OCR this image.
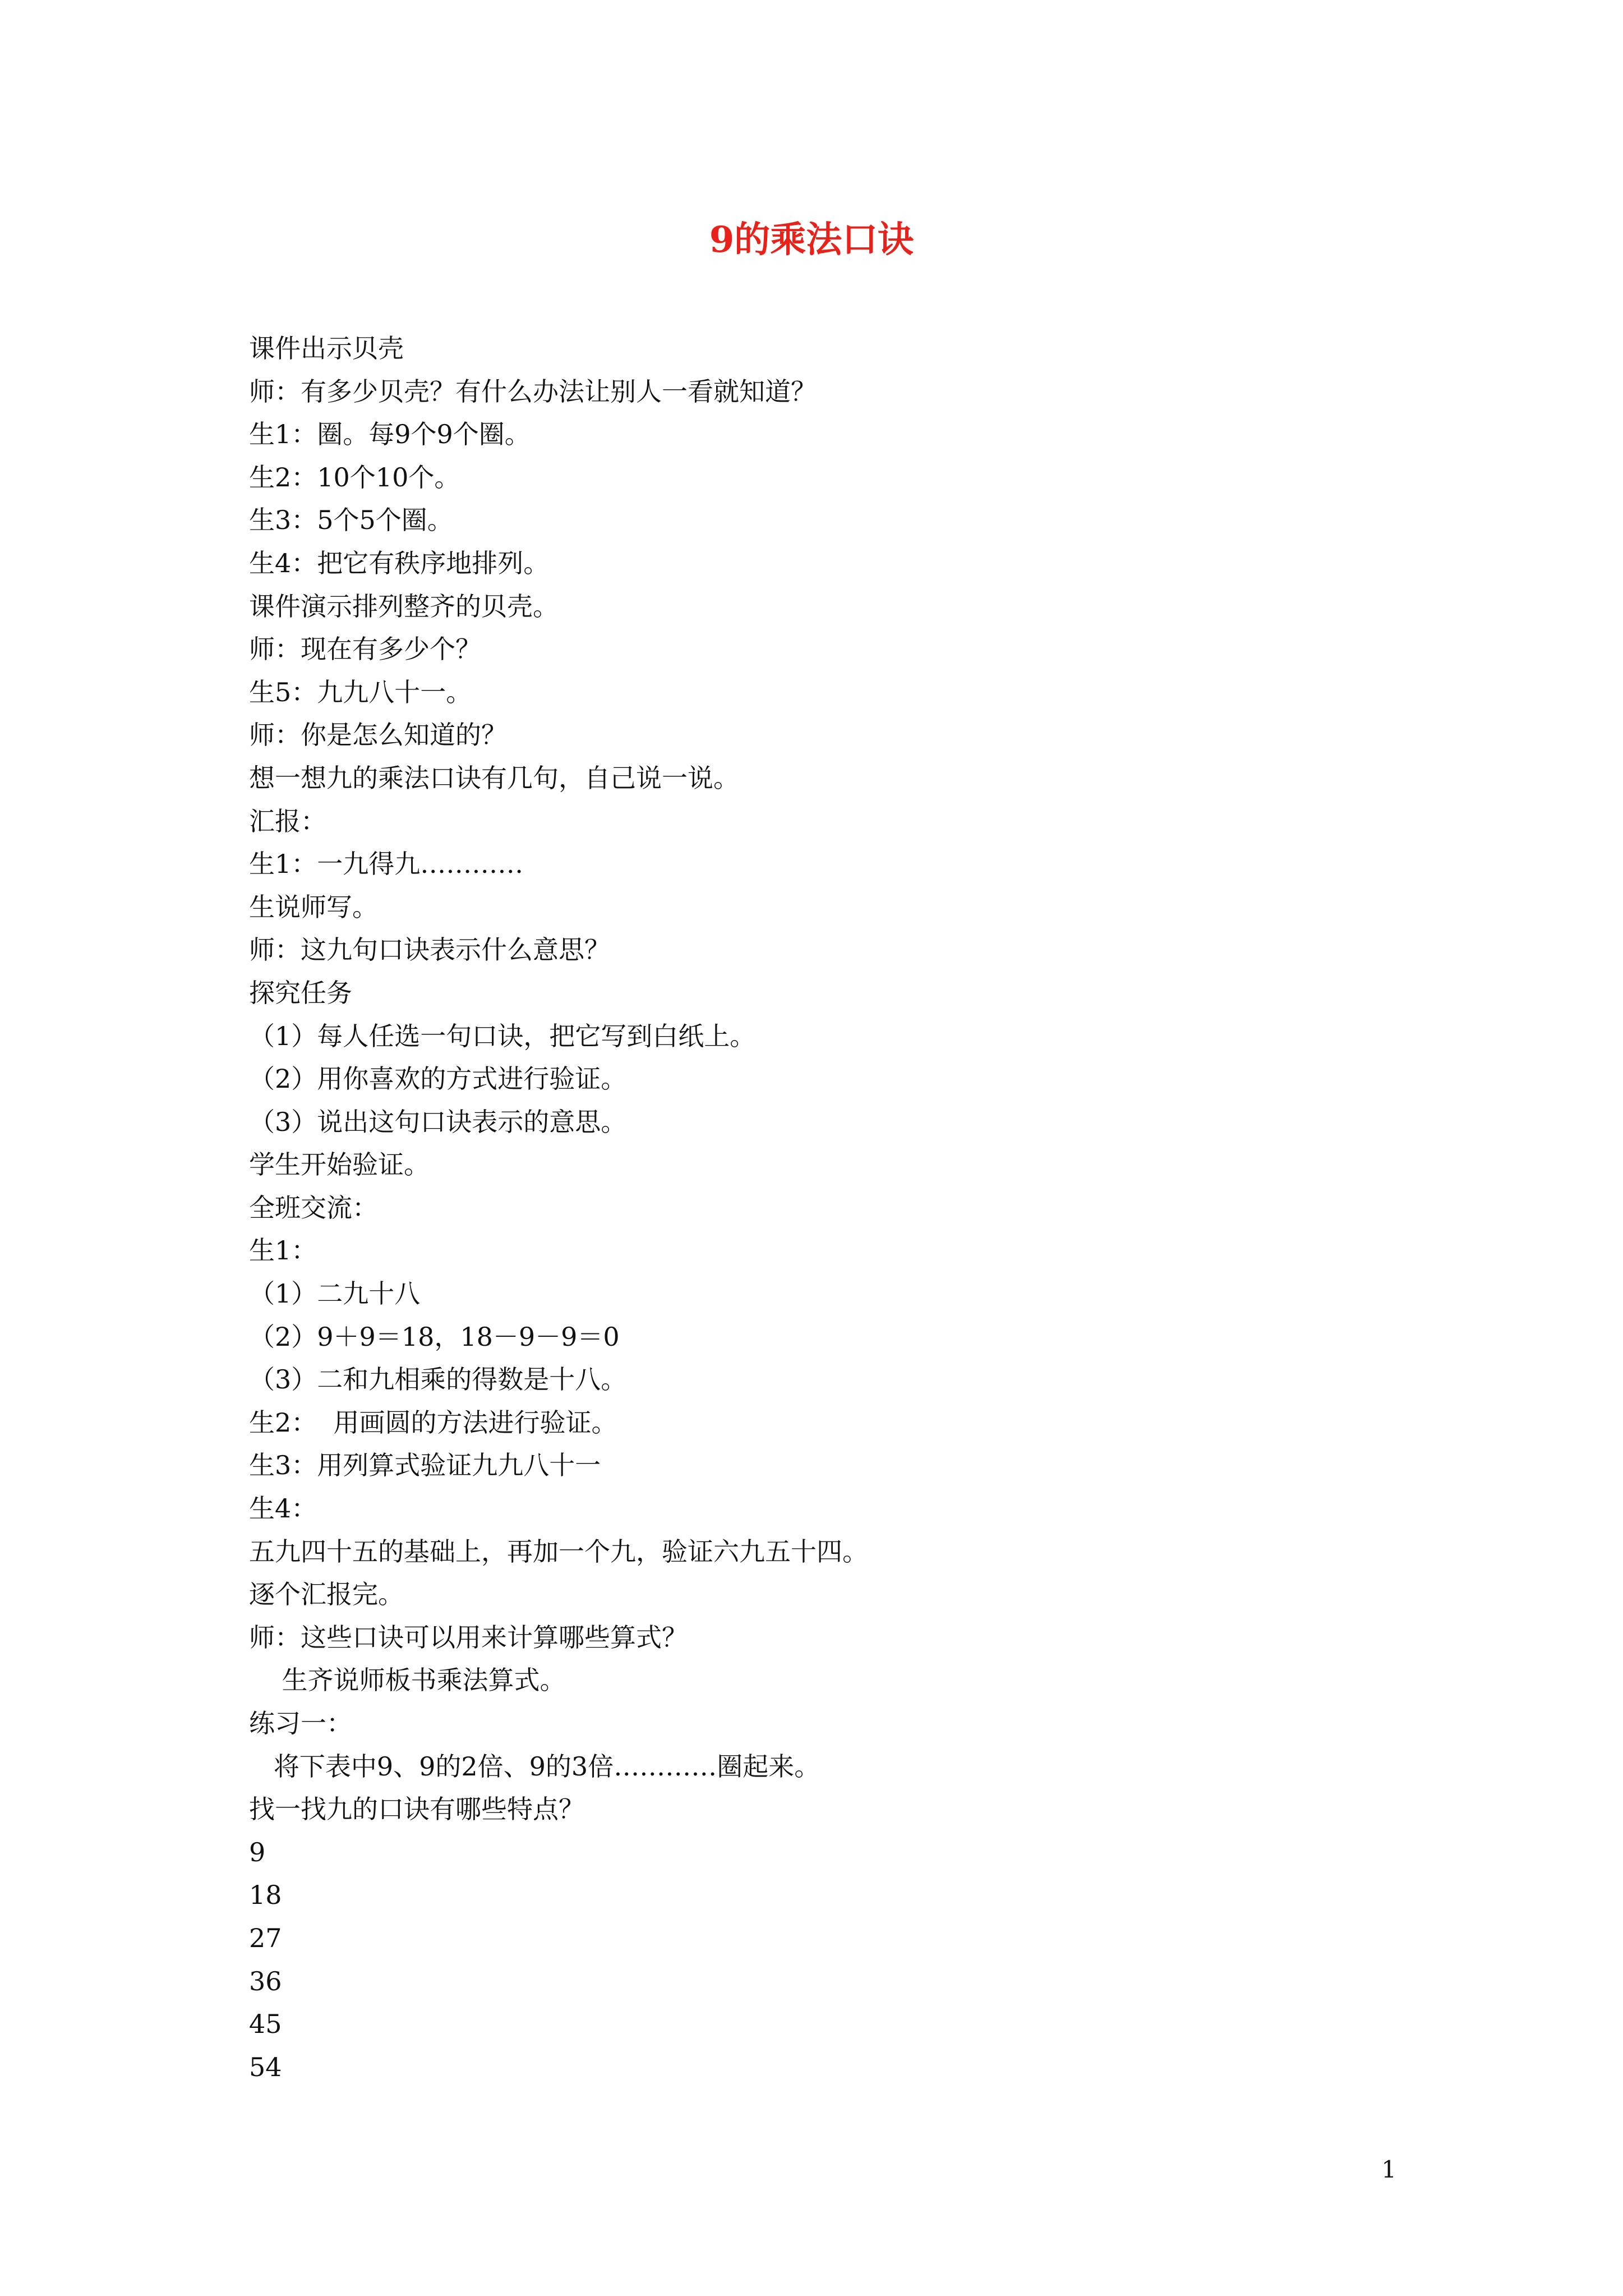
9的乘法口诀
课件出示贝壳
师：有多少贝壳？有什么办法让别人一看就知道？
生1：圈。每9个9个圈。
生2：10个10个。
生3：5个5个圈。
生4：把它有秩序地排列。
课件演示排列整齐的贝壳。
师：现在有多少个？
生5：九九八十一。
师：你是怎么知道的？
想一想九的乘法口诀有几句，自己说一说。
汇报：
生1：一九得九…………
生说师写。
师：这九句口诀表示什么意思？
探究任务
（1）每人任选一句口诀，把它写到白纸上。
（2）用你喜欢的方式进行验证。
（3）说出这句口诀表示的意思。
学生开始验证。
全班交流：
生1：
（1）二九十八
（2）9＋9＝18，18－9－9＝0
（3）二和九相乘的得数是十八。
生2：  用画圆的方法进行验证。
生3：用列算式验证九九八十一
生4：
五九四十五的基础上，再加一个九，验证六九五十四。
逐个汇报完。
师：这些口诀可以用来计算哪些算式？
生齐说师板书乘法算式。
练习一：
将下表中9、9的2倍、9的3倍…………圈起来。
找一找九的口诀有哪些特点？
9
18
27
36
45
54
1
